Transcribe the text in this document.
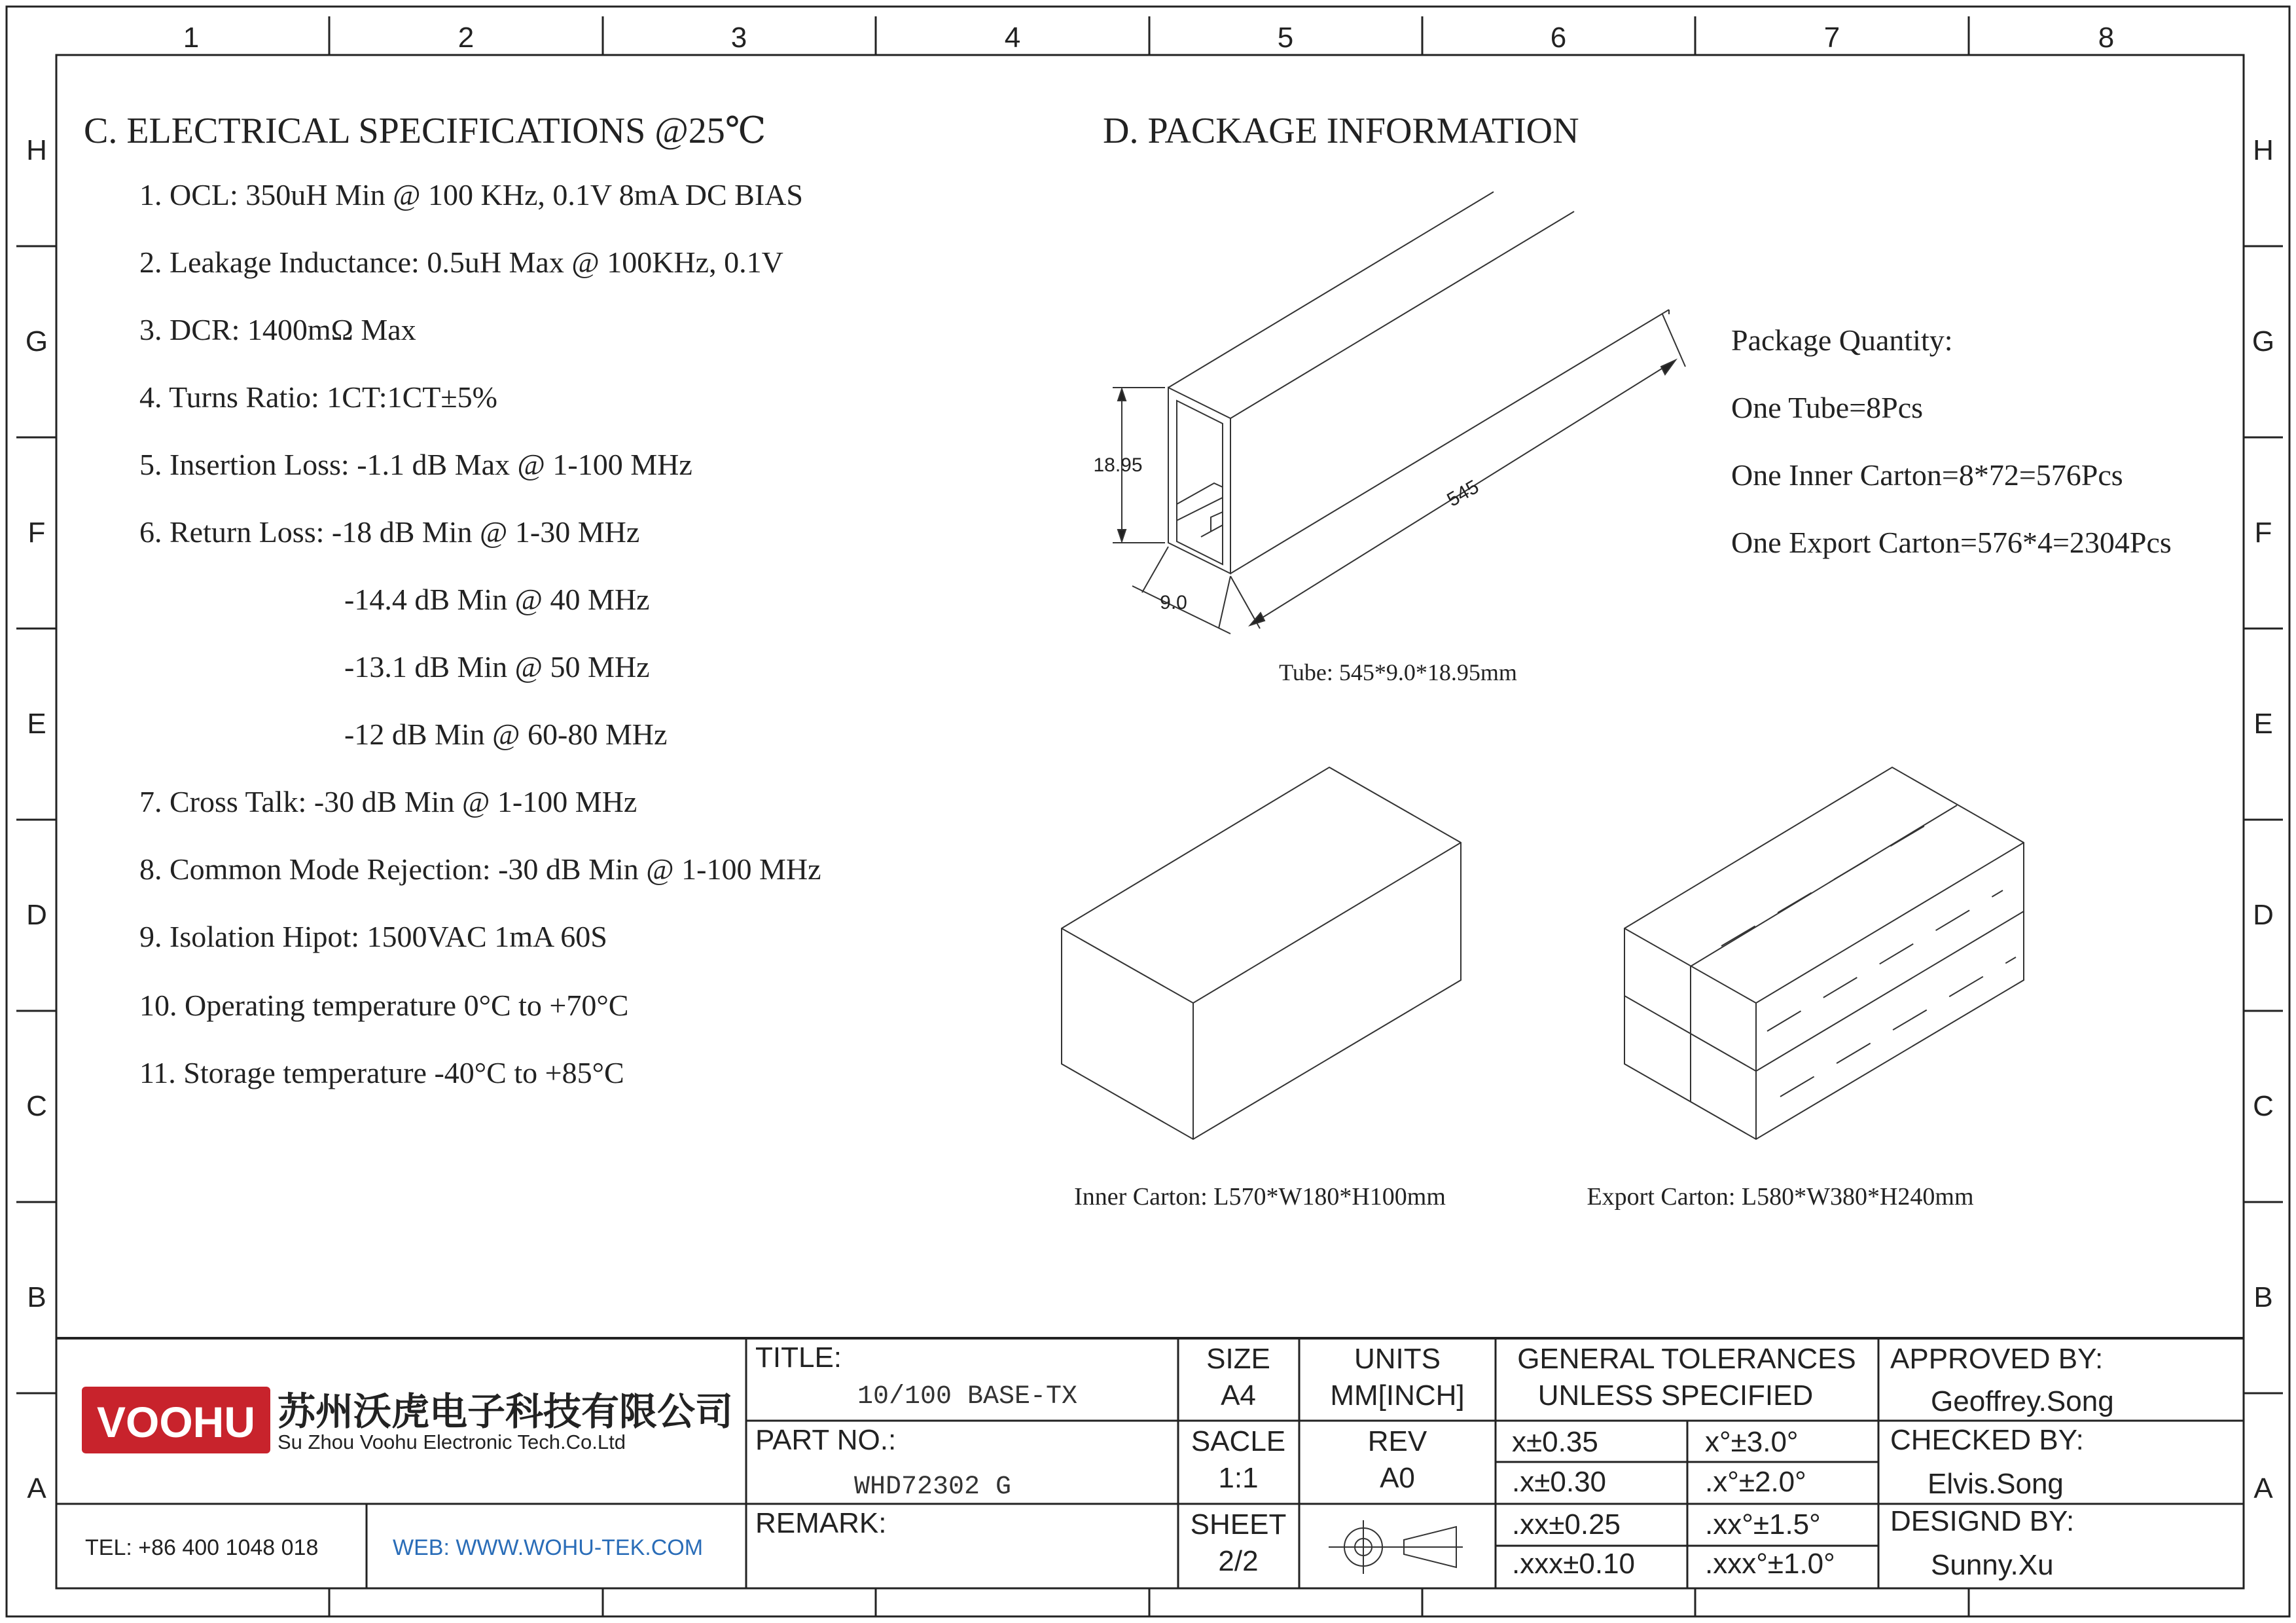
1	2	3	4	5	6	7	8
H
G
F
E
D
C
B
A
H
G
F
E
D
C
B
A
C. ELECTRICAL SPECIFICATIONS @25℃
1. OCL: 350uH Min @ 100 KHz, 0.1V 8mA DC BIAS
2. Leakage Inductance: 0.5uH Max @ 100KHz, 0.1V
3. DCR: 1400mΩ Max
4. Turns Ratio: 1CT:1CT±5%
5. Insertion Loss: -1.1 dB Max @ 1-100 MHz
6. Return Loss: -18 dB Min @ 1-30 MHz
-14.4 dB Min @ 40 MHz
-13.1 dB Min @ 50 MHz
-12 dB Min @ 60-80 MHz
7. Cross Talk: -30 dB Min @ 1-100 MHz
8. Common Mode Rejection: -30 dB Min @ 1-100 MHz
9. Isolation Hipot: 1500VAC 1mA 60S
10. Operating temperature 0°C to +70°C
11. Storage temperature -40°C to +85°C
D. PACKAGE INFORMATION
18.95
545
9.0
Tube: 545*9.0*18.95mm
Package Quantity:
One Tube=8Pcs
One Inner Carton=8*72=576Pcs
One Export Carton=576*4=2304Pcs
Inner Carton: L570*W180*H100mm	Export Carton: L580*W380*H240mm
VOOHU 苏州沃虎电子科技有限公司
Su Zhou Voohu Electronic Tech.Co.Ltd
TEL: +86 400 1048 018	WEB: WWW.WOHU-TEK.COM
TITLE:
10/100 BASE-TX
PART NO.:
WHD72302 G
REMARK:
SIZE
A4
SACLE
1:1
SHEET
2/2
UNITS
MM[INCH]
REV
A0
GENERAL TOLERANCES
UNLESS SPECIFIED
x±0.35	x°±3.0°
.x±0.30	.x°±2.0°
.xx±0.25	.xx°±1.5°
.xxx±0.10 .xxx°±1.0°
APPROVED BY:
Geoffrey.Song
CHECKED BY:
Elvis.Song
DESIGND BY:
Sunny.Xu
